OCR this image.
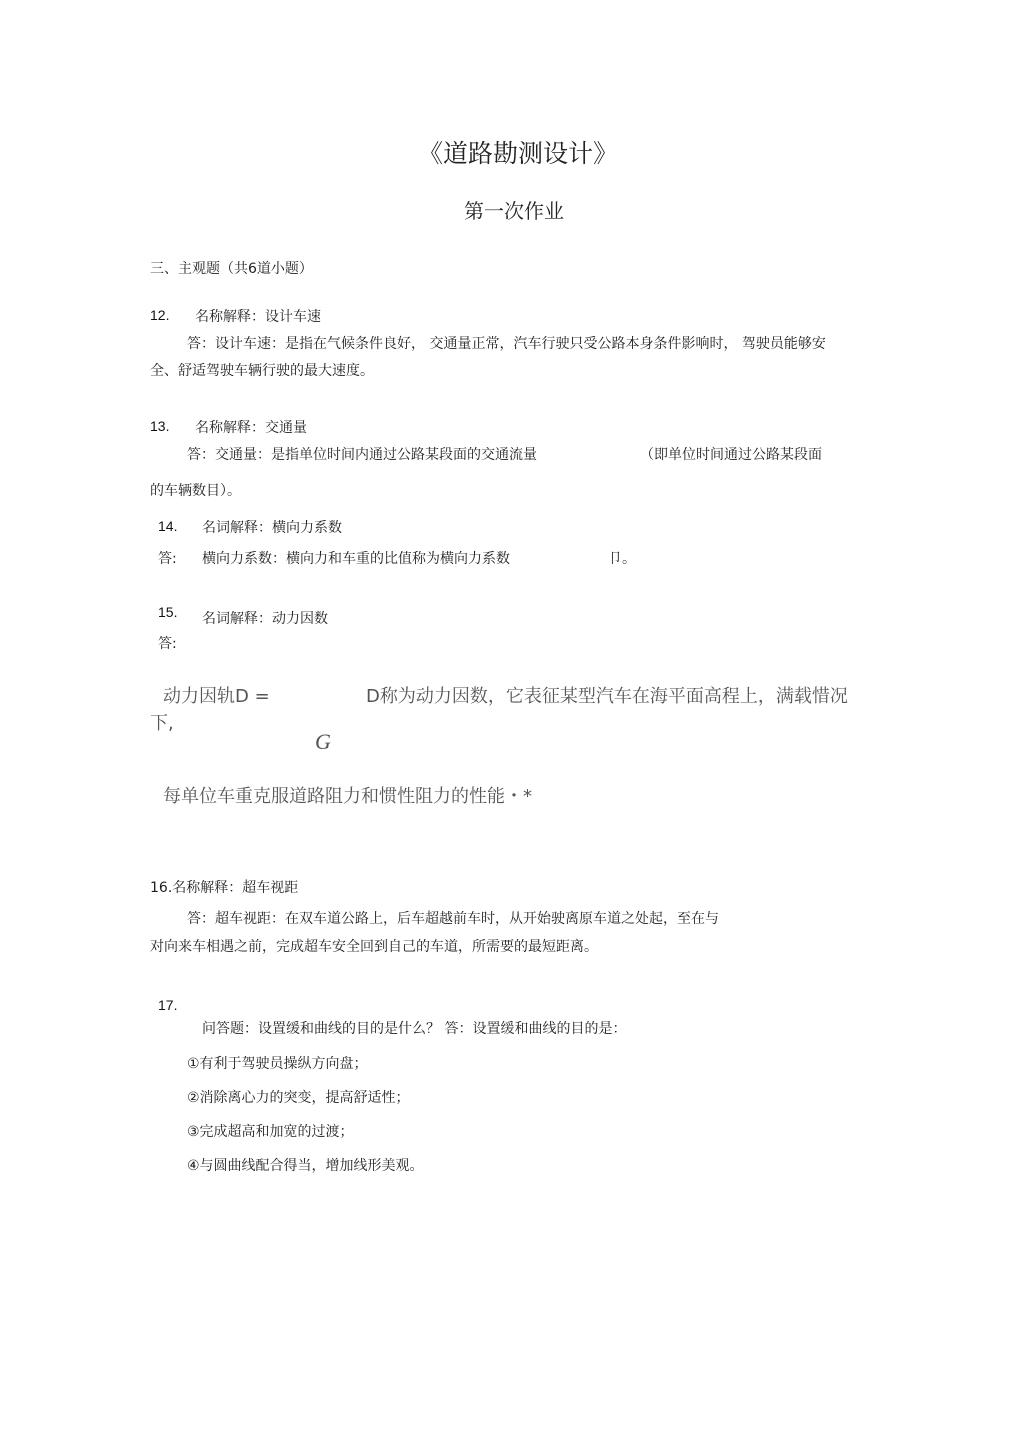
《道路勘测设计》
第一次作业
三、主观题（共6道小题）
12. 名称解释：设计车速
答：设计车速：是指在气候条件良好， 交通量正常，汽车行驶只受公路本身条件影响时， 驾驶员能够安
全、舒适驾驶车辆行驶的最大速度。
13. 名称解释：交通量
答：交通量：是指单位时间内通过公路某段面的交通流量	（即单位时间通过公路某段面
的车辆数目）。
14. 名词解释：横向力系数
答: 横向力系数：横向力和车重的比值称为横向力系数	卩。
15. 名词解释：动力因数
答:
动力因轨D =	D称为动力因数，它表征某型汽车在海平面高程上，满载惜况
下,
G
每单位车重克服道路阻力和惯性阻力的性能・*
16.名称解释：超车视距
答：超车视距：在双车道公路上，后车超越前车时，从开始驶离原车道之处起，至在与
对向来车相遇之前，完成超车安全回到自己的车道，所需要的最短距离。
17.
问答题：设置缓和曲线的目的是什么？ 答：设置缓和曲线的目的是：
①有利于驾驶员操纵方向盘；
②消除离心力的突变，提高舒适性；
③完成超高和加宽的过渡；
④与圆曲线配合得当，增加线形美观。
